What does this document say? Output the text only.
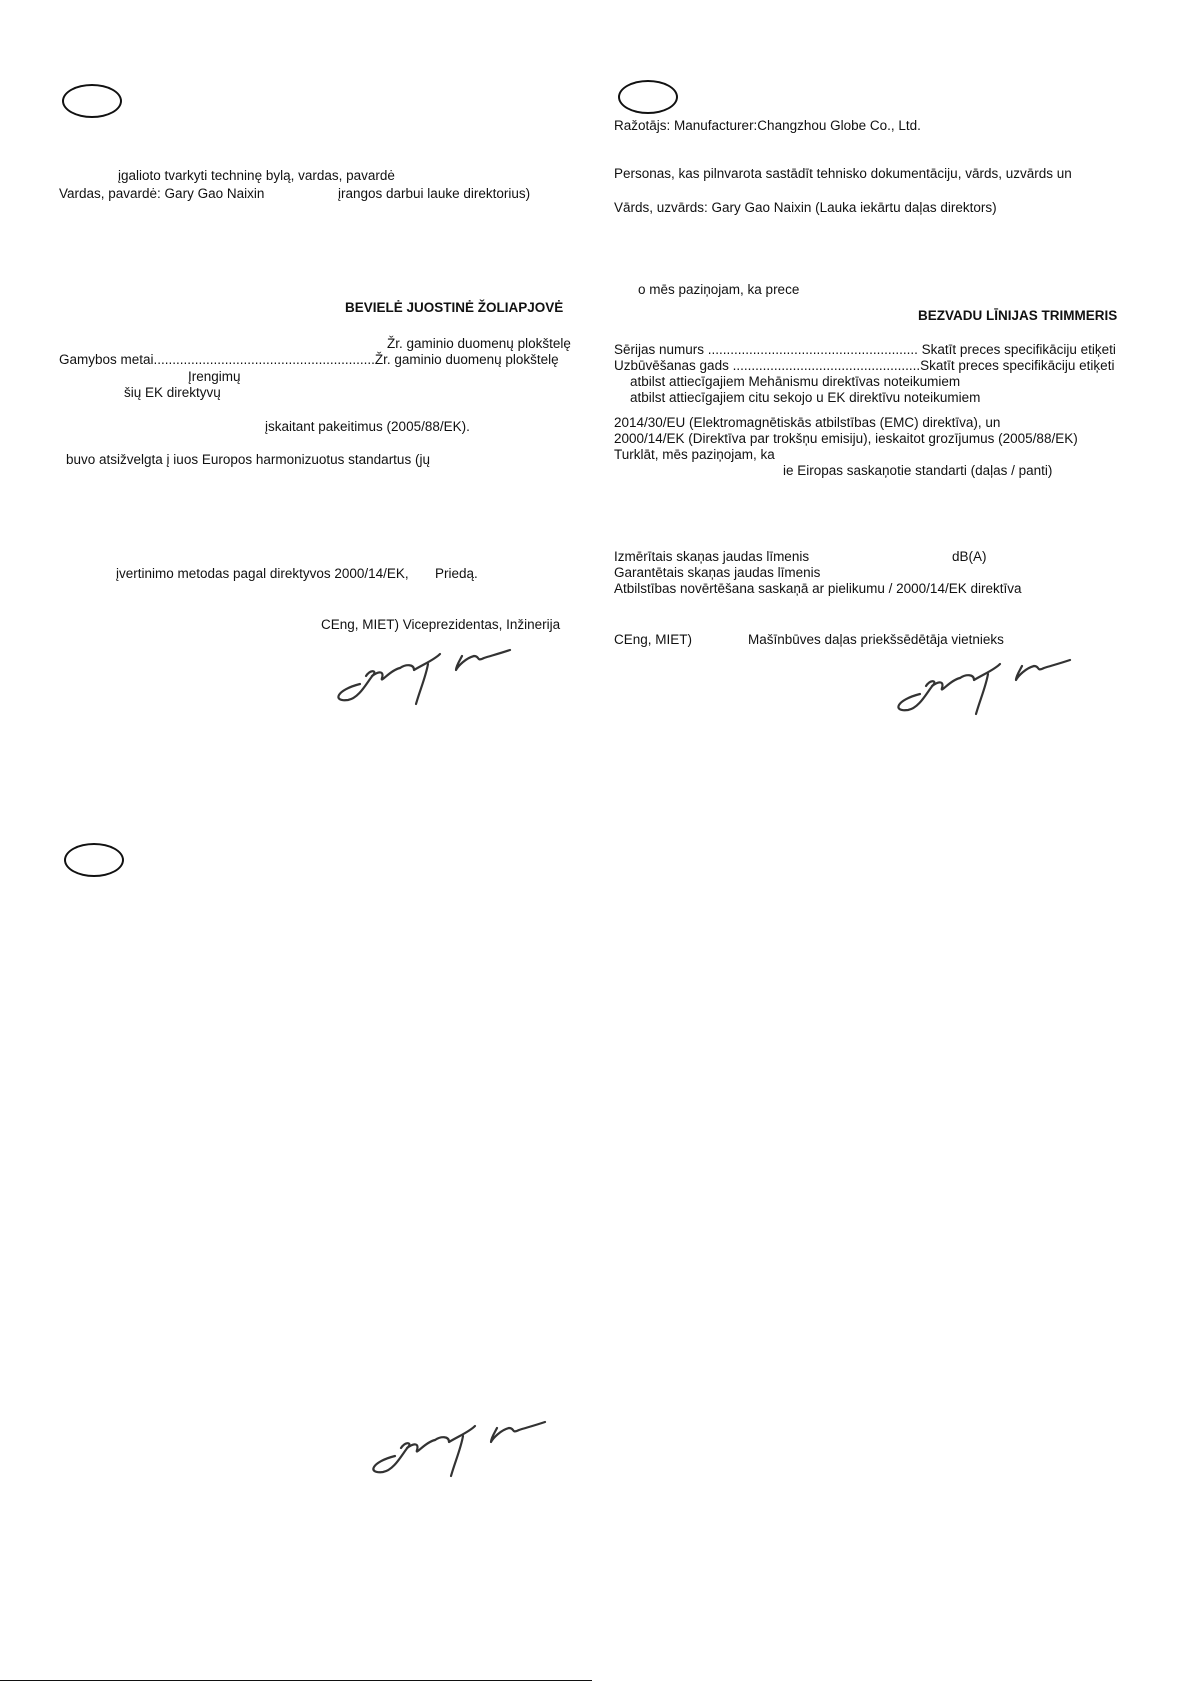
įgalioto tvarkyti techninę bylą, vardas, pavardė
Vardas, pavardė: Gary Gao Naixin	įrangos darbui lauke direktorius)
BEVIELĖ JUOSTINĖ ŽOLIAPJOVĖ
Žr. gaminio duomenų plokštelę
Gamybos metai...........................................................Žr. gaminio duomenų plokštelę
Įrengimų
šių EK direktyvų
įskaitant pakeitimus (2005/88/EK).
buvo atsižvelgta į iuos Europos harmonizuotus standartus (jų
įvertinimo metodas pagal direktyvos 2000/14/EK, Priedą.
CEng, MIET) Viceprezidentas, Inžinerija
Ražotājs: Manufacturer:Changzhou Globe Co., Ltd.
Personas, kas pilnvarota sastādīt tehnisko dokumentāciju, vārds, uzvārds un
Vārds, uzvārds: Gary Gao Naixin (Lauka iekārtu daļas direktors)
o mēs paziņojam, ka prece
BEZVADU LĪNIJAS TRIMMERIS
Sērijas numurs ........................................................ Skatīt preces specifikāciju etiķeti
Uzbūvēšanas gads ..................................................Skatīt preces specifikāciju etiķeti
atbilst attiecīgajiem Mehānismu direktīvas noteikumiem
atbilst attiecīgajiem citu sekojo u EK direktīvu noteikumiem
2014/30/EU (Elektromagnētiskās atbilstības (EMC) direktīva), un
2000/14/EK (Direktīva par trokšņu emisiju), ieskaitot grozījumus (2005/88/EK)
Turklāt, mēs paziņojam, ka
ie Eiropas saskaņotie standarti (daļas / panti)
Izmērītais skaņas jaudas līmenis	dB(A)
Garantētais skaņas jaudas līmenis
Atbilstības novērtēšana saskaņā ar pielikumu / 2000/14/EK direktīva
CEng, MIET)	Mašīnbūves daļas priekšsēdētāja vietnieks
